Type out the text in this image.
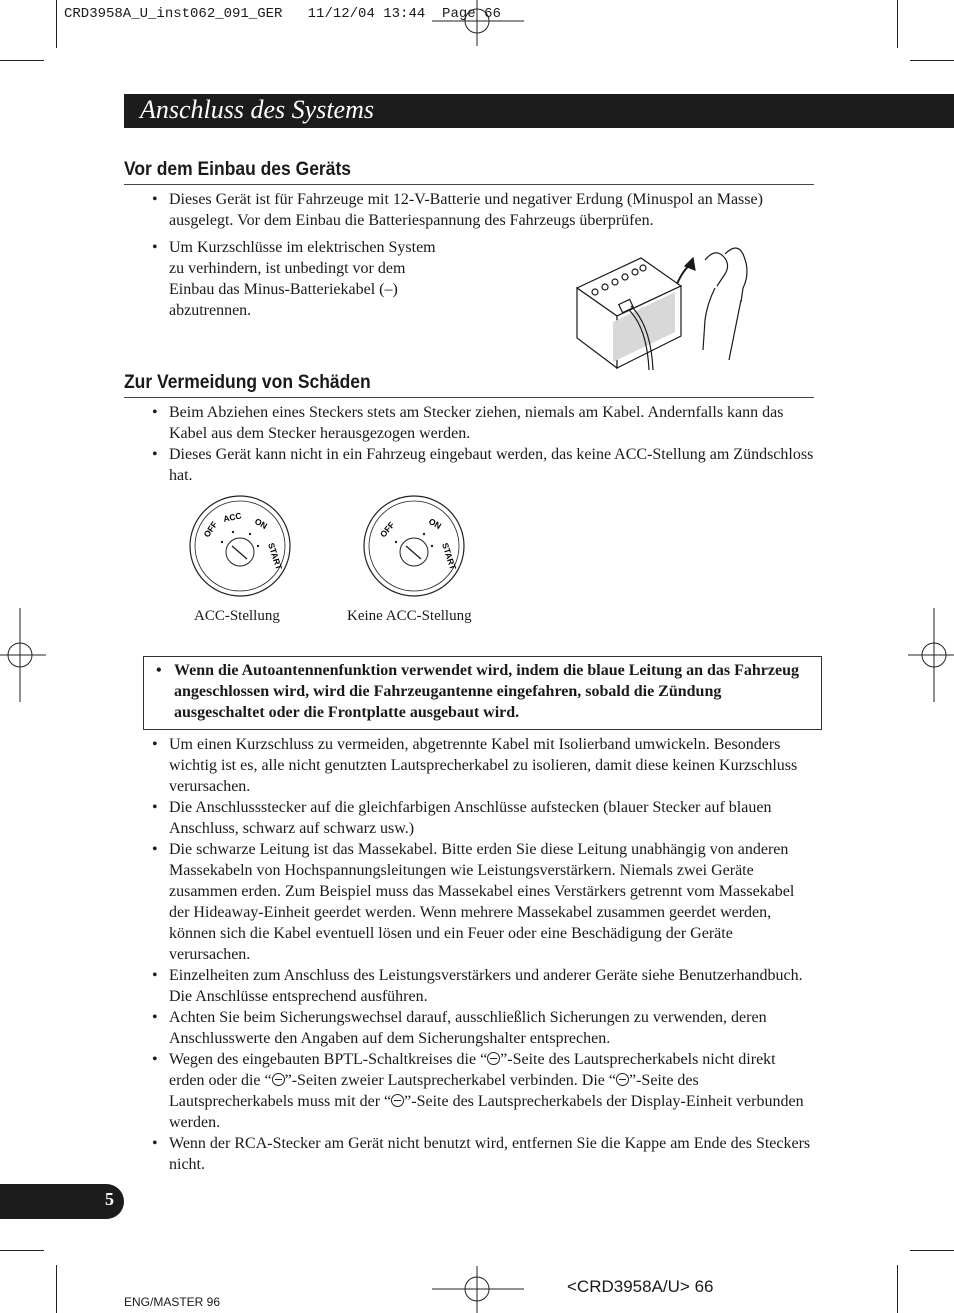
CRD3958A_U_inst062_091_GER   11/12/04 13:44  Page 66
Anschluss des Systems
Vor dem Einbau des Geräts
• Dieses Gerät ist für Fahrzeuge mit 12-V-Batterie und negativer Erdung (Minuspol an Masse) ausgelegt. Vor dem Einbau die Batteriespannung des Fahrzeugs überprüfen.
• Um Kurzschlüsse im elektrischen System zu verhindern, ist unbedingt vor dem Einbau das Minus-Batteriekabel (–) abzutrennen.
Zur Vermeidung von Schäden
• Beim Abziehen eines Steckers stets am Stecker ziehen, niemals am Kabel. Andernfalls kann das Kabel aus dem Stecker herausgezogen werden.
• Dieses Gerät kann nicht in ein Fahrzeug eingebaut werden, das keine ACC-Stellung am Zündschloss hat.
OFF
ACC ON
START
OFF	ON
START
ACC-Stellung	Keine ACC-Stellung

• Wenn die Autoantennenfunktion verwendet wird, indem die blaue Leitung an das Fahrzeug angeschlossen wird, wird die Fahrzeugantenne eingefahren, sobald die Zündung ausgeschaltet oder die Frontplatte ausgebaut wird.

• Um einen Kurzschluss zu vermeiden, abgetrennte Kabel mit Isolierband umwickeln. Besonders wichtig ist es, alle nicht genutzten Lautsprecherkabel zu isolieren, damit diese keinen Kurzschluss verursachen.
• Die Anschlussstecker auf die gleichfarbigen Anschlüsse aufstecken (blauer Stecker auf blauen Anschluss, schwarz auf schwarz usw.)
• Die schwarze Leitung ist das Massekabel. Bitte erden Sie diese Leitung unabhängig von anderen Massekabeln von Hochspannungsleitungen wie Leistungsverstärkern. Niemals zwei Geräte zusammen erden. Zum Beispiel muss das Massekabel eines Verstärkers getrennt vom Massekabel der Hideaway-Einheit geerdet werden. Wenn mehrere Massekabel zusammen geerdet werden, können sich die Kabel eventuell lösen und ein Feuer oder eine Beschädigung der Geräte verursachen.
• Einzelheiten zum Anschluss des Leistungsverstärkers und anderer Geräte siehe Benutzerhandbuch. Die Anschlüsse entsprechend ausführen.
• Achten Sie beim Sicherungswechsel darauf, ausschließlich Sicherungen zu verwenden, deren Anschlusswerte den Angaben auf dem Sicherungshalter entsprechen.
• Wegen des eingebauten BPTL-Schaltkreises die “ ”-Seite des Lautsprecherkabels nicht direkt erden oder die “ ”-Seiten zweier Lautsprecherkabel verbinden. Die “ ”-Seite des Lautsprecherkabels muss mit der “ ”-Seite des Lautsprecherkabels der Display-Einheit verbunden werden.
• Wenn der RCA-Stecker am Gerät nicht benutzt wird, entfernen Sie die Kappe am Ende des Steckers nicht.
5
ENG/MASTER 96
<CRD3958A/U> 66
